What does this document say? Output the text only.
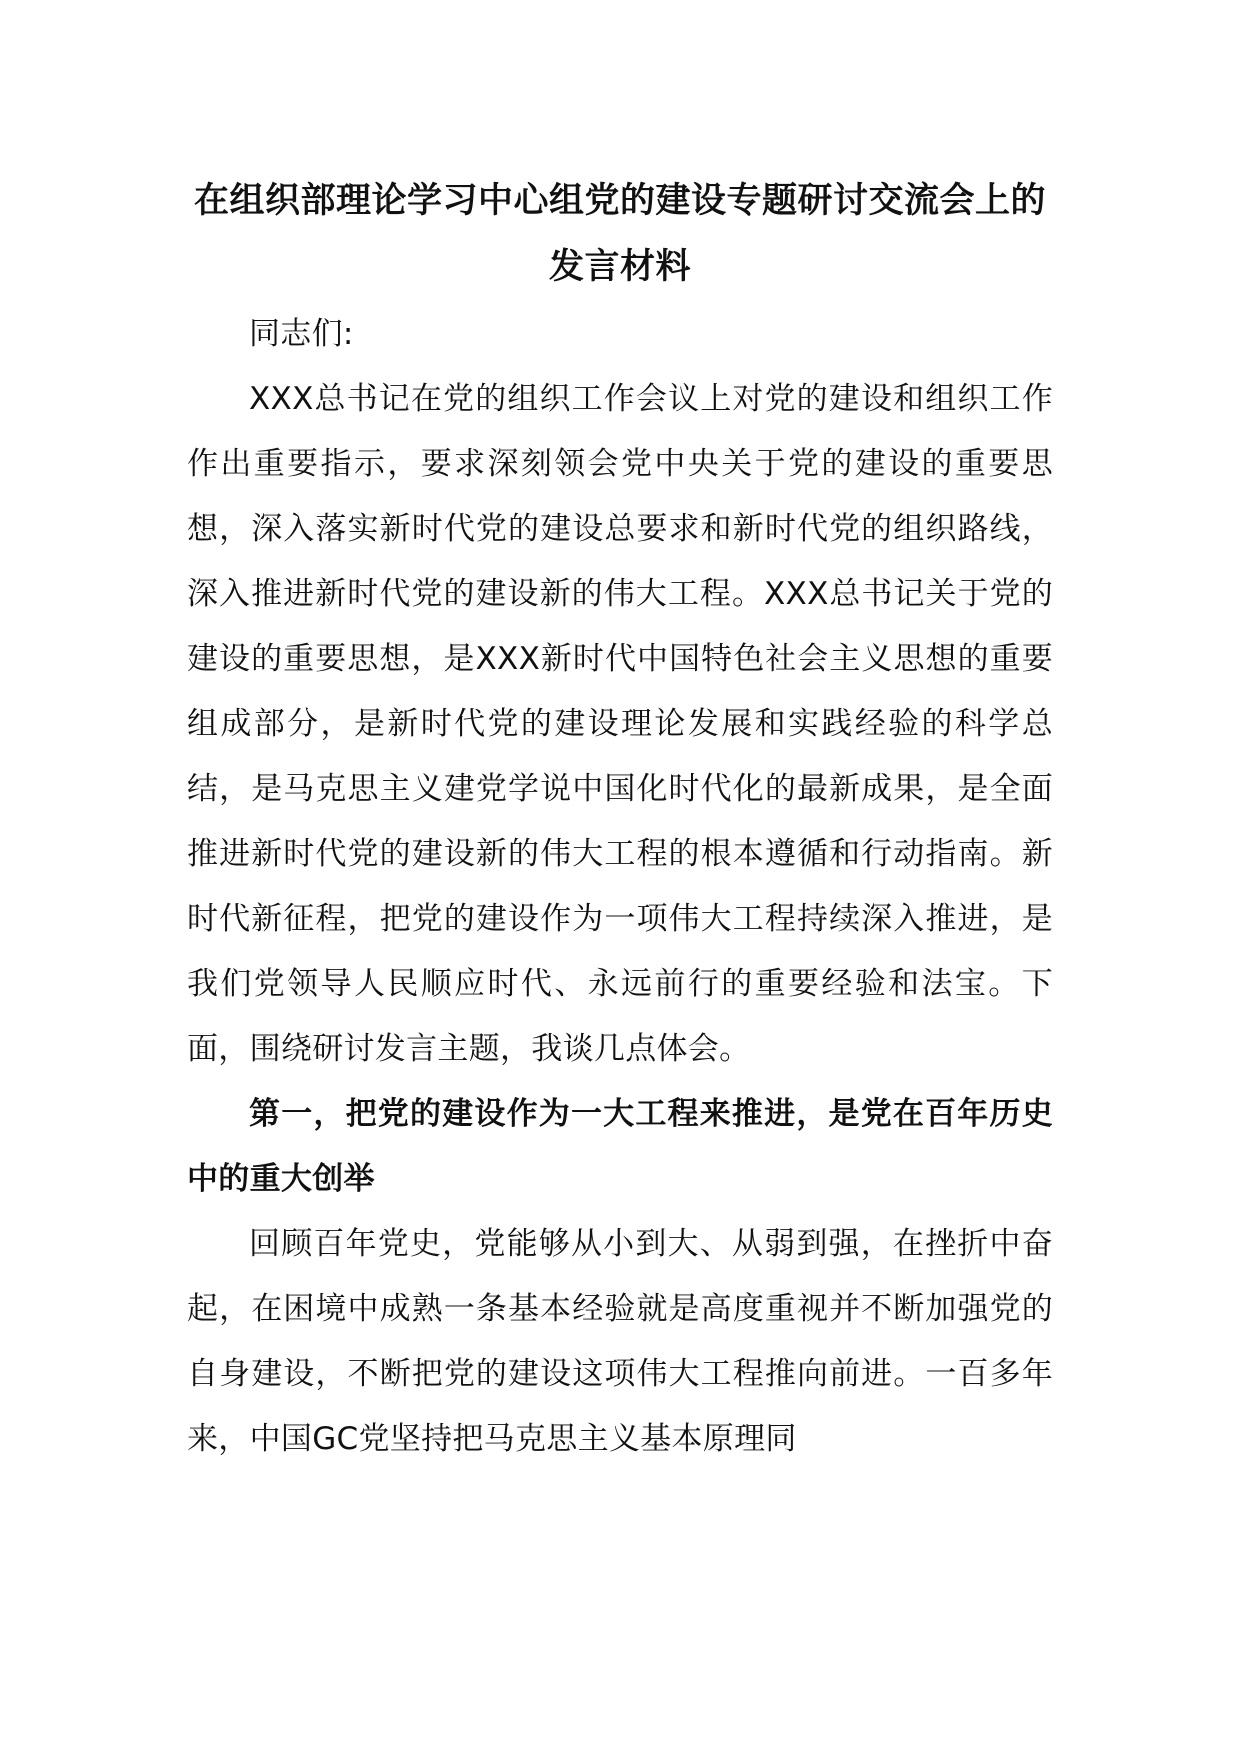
在组织部理论学习中心组党的建设专题研讨交流会上的发言材料

同志们:

XXX总书记在党的组织工作会议上对党的建设和组织工作作出重要指示，要求深刻领会党中央关于党的建设的重要思想，深入落实新时代党的建设总要求和新时代党的组织路线，深入推进新时代党的建设新的伟大工程。XXX总书记关于党的建设的重要思想，是XXX新时代中国特色社会主义思想的重要组成部分，是新时代党的建设理论发展和实践经验的科学总结，是马克思主义建党学说中国化时代化的最新成果，是全面推进新时代党的建设新的伟大工程的根本遵循和行动指南。新时代新征程，把党的建设作为一项伟大工程持续深入推进，是我们党领导人民顺应时代、永远前行的重要经验和法宝。下面，围绕研讨发言主题，我谈几点体会。

第一，把党的建设作为一大工程来推进，是党在百年历史中的重大创举

回顾百年党史，党能够从小到大、从弱到强，在挫折中奋起，在困境中成熟一条基本经验就是高度重视并不断加强党的自身建设，不断把党的建设这项伟大工程推向前进。一百多年来，中国GC党坚持把马克思主义基本原理同
